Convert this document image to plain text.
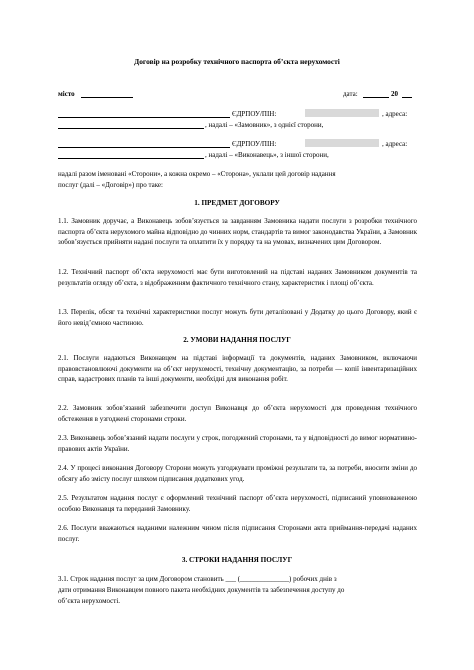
Договір на розробку технічного паспорта об’єкта нерухомості
місто	дата:	20
ЄДРПОУ/ПІН:	, адреса:
, надалі – «Замовник», з однієї сторони,
ЄДРПОУ/ПІН:	, адреса:
, надалі – «Виконавець», з іншої сторони,
надалі разом іменовані «Сторони», а кожна окремо – «Сторона», уклали цей договір надання
послуг (далі – «Договір») про таке:
1. ПРЕДМЕТ ДОГОВОРУ
1.1. Замовник доручає, а Виконавець зобов’язується за завданням Замовника надати послуги з розробки технічного паспорта об’єкта нерухомого майна відповідно до чинних норм, стандартів та вимог законодавства України, а Замовник зобов’язується прийняти надані послуги та оплатити їх у порядку та на умовах, визначених цим Договором.
1.2. Технічний паспорт об’єкта нерухомості має бути виготовлений на підставі наданих Замовником документів та результатів огляду об’єкта, з відображенням фактичного технічного стану, характеристик і площі об’єкта.
1.3. Перелік, обсяг та технічні характеристики послуг можуть бути деталізовані у Додатку до цього Договору, який є його невід’ємною частиною.
2. УМОВИ НАДАННЯ ПОСЛУГ
2.1. Послуги надаються Виконавцем на підставі інформації та документів, наданих Замовником, включаючи правовстановлюючі документи на об’єкт нерухомості, технічну документацію, за потреби — копії інвентаризаційних справ, кадастрових планів та інші документи, необхідні для виконання робіт.
2.2. Замовник зобов’язаний забезпечити доступ Виконавця до об’єкта нерухомості для проведення технічного обстеження в узгоджені сторонами строки.
2.3. Виконавець зобов’язаний надати послуги у строк, погоджений сторонами, та у відповідності до вимог нормативно-правових актів України.
2.4. У процесі виконання Договору Сторони можуть узгоджувати проміжні результати та, за потреби, вносити зміни до обсягу або змісту послуг шляхом підписання додаткових угод.
2.5. Результатом надання послуг є оформлений технічний паспорт об’єкта нерухомості, підписаний уповноваженою особою Виконавця та переданий Замовнику.
2.6. Послуги вважаються наданими належним чином після підписання Сторонами акта приймання-передачі наданих послуг.
3. СТРОКИ НАДАННЯ ПОСЛУГ
3.1. Строк надання послуг за цим Договором становить ___ (______________) робочих днів з
дати отримання Виконавцем повного пакета необхідних документів та забезпечення доступу до
об’єкта нерухомості.
